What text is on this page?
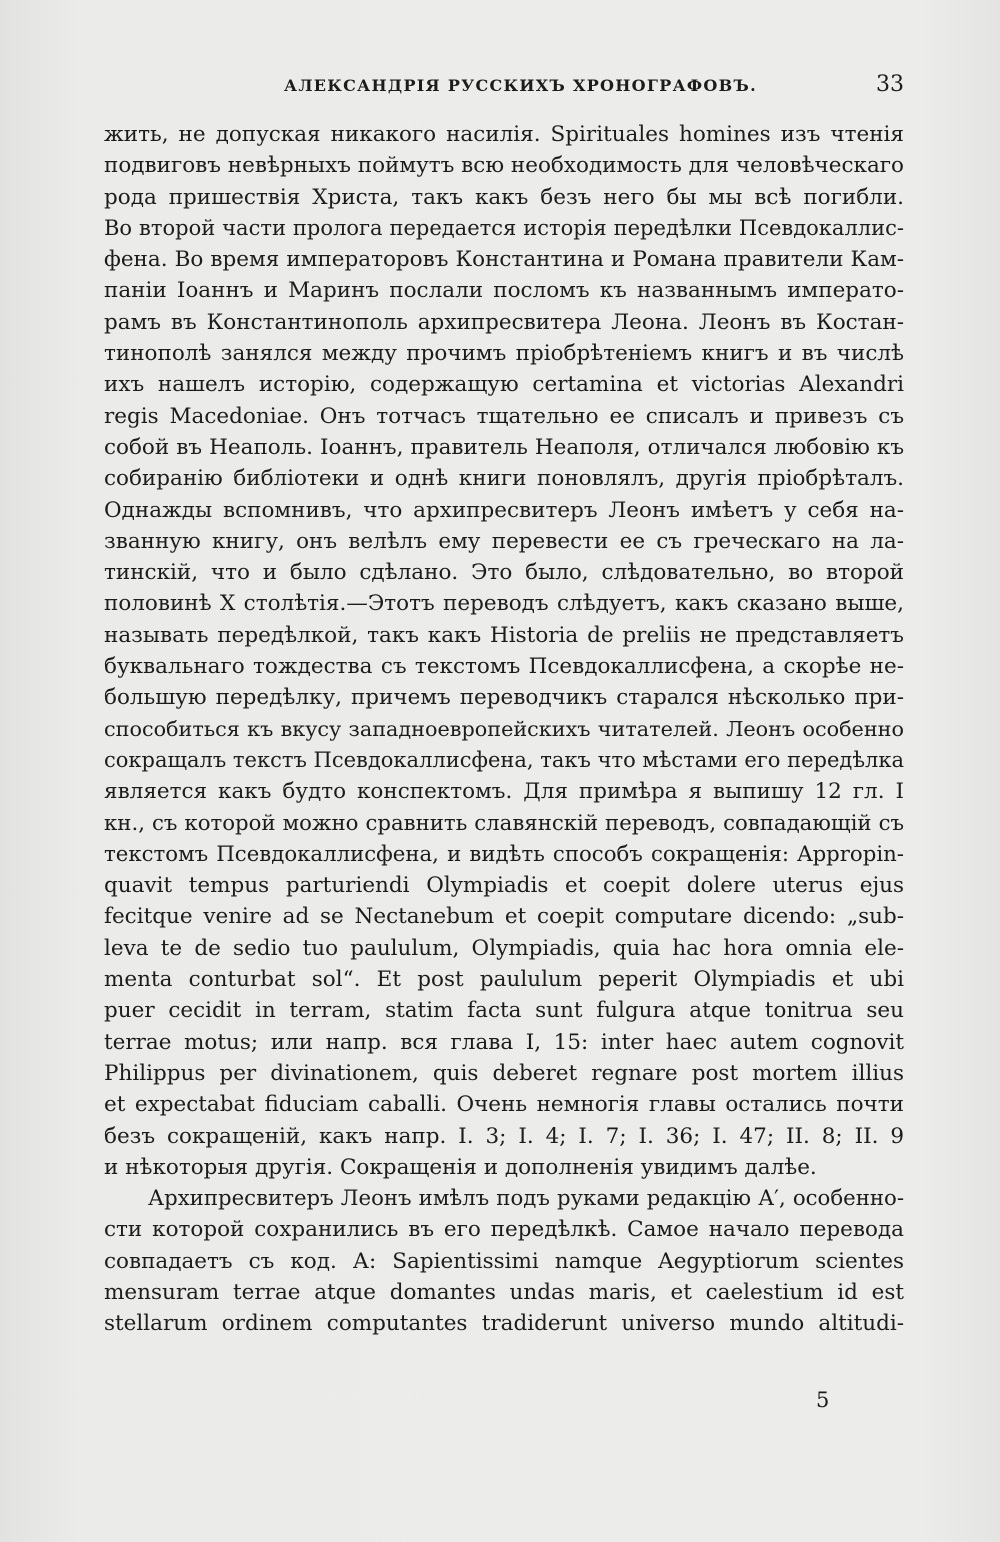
АЛЕКСАНДРІЯ РУССКИХЪ ХРОНОГРАФОВЪ.	33
жить, не допуская никакого насилія. Spirituales homines изъ чтенія
подвиговъ невѣрныхъ поймутъ всю необходимость для человѣческаго
рода пришествія Христа, такъ какъ безъ него бы мы всѣ погибли.
Во второй части пролога передается исторія передѣлки Псевдокаллис-
фена. Во время императоровъ Константина и Романа правители Кам-
паніи Іоаннъ и Маринъ послали посломъ къ названнымъ императо-
рамъ въ Константинополь архипресвитера Леона. Леонъ въ Костан-
тинополѣ занялся между прочимъ пріобрѣтеніемъ книгъ и въ числѣ
ихъ нашелъ исторію, содержащую certamina et victorias Alexandri
regis Macedoniae. Онъ тотчасъ тщательно ее списалъ и привезъ съ
собой въ Неаполь. Іоаннъ, правитель Неаполя, отличался любовію къ
собиранію библіотеки и однѣ книги поновлялъ, другія пріобрѣталъ.
Однажды вспомнивъ, что архипресвитеръ Леонъ имѣетъ у себя на-
званную книгу, онъ велѣлъ ему перевести ее съ греческаго на ла-
тинскій, что и было сдѣлано. Это было, слѣдовательно, во второй
половинѣ X столѣтія.—Этотъ переводъ слѣдуетъ, какъ сказано выше,
называть передѣлкой, такъ какъ Historia de preliis не представляетъ
буквальнаго тождества съ текстомъ Псевдокаллисфена, а скорѣе не-
большую передѣлку, причемъ переводчикъ старался нѣсколько при-
способиться къ вкусу западноевропейскихъ читателей. Леонъ особенно
сокращалъ текстъ Псевдокаллисфена, такъ что мѣстами его передѣлка
является какъ будто конспектомъ. Для примѣра я выпишу 12 гл. I
кн., съ которой можно сравнить славянскій переводъ, совпадающій съ
текстомъ Псевдокаллисфена, и видѣть способъ сокращенія: Appropin-
quavit tempus parturiendi Olympiadis et coepit dolere uterus ejus
fecitque venire ad se Nectanebum et coepit computare dicendo: „sub-
leva te de sedio tuo paululum, Olympiadis, quia hac hora omnia ele-
menta conturbat sol“. Et post paululum peperit Olympiadis et ubi
puer cecidit in terram, statim facta sunt fulgura atque tonitrua seu
terrae motus; или напр. вся глава I, 15: inter haec autem cognovit
Philippus per divinationem, quis deberet regnare post mortem illius
et expectabat fiduciam caballi. Очень немногія главы остались почти
безъ сокращеній, какъ напр. I. 3; I. 4; I. 7; I. 36; I. 47; II. 8; II. 9
и нѣкоторыя другія. Сокращенія и дополненія увидимъ далѣе.
Архипресвитеръ Леонъ имѣлъ подъ руками редакцію А′, особенно-
сти которой сохранились въ его передѣлкѣ. Самое начало перевода
совпадаетъ съ код. А: Sapientissimi namque Aegyptiorum scientes
mensuram terrae atque domantes undas maris, et caelestium id est
stellarum ordinem computantes tradiderunt universo mundo altitudi-
5
